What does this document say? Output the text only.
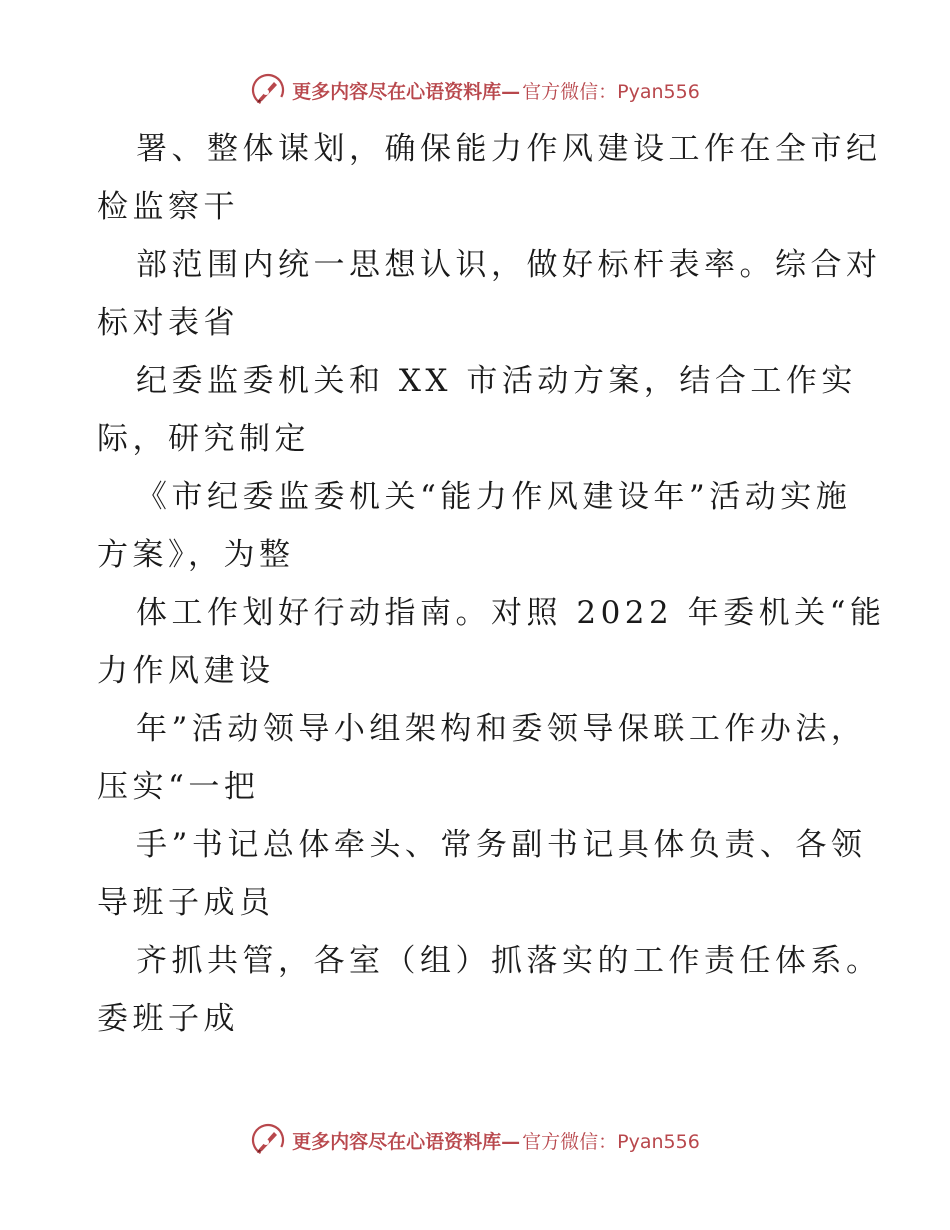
更多内容尽在心语资料库— 官方微信：Pyan556
署、整体谋划，确保能力作风建设工作在全市纪
检监察干
部范围内统一思想认识，做好标杆表率。综合对
标对表省
纪委监委机关和 XX 市活动方案，结合工作实
际，研究制定
《市纪委监委机关“能力作风建设年”活动实施
方案》，为整
体工作划好行动指南。对照 2022 年委机关“能
力作风建设
年”活动领导小组架构和委领导保联工作办法，
压实“一把
手”书记总体牵头、常务副书记具体负责、各领
导班子成员
齐抓共管，各室（组）抓落实的工作责任体系。
委班子成
更多内容尽在心语资料库— 官方微信：Pyan556
